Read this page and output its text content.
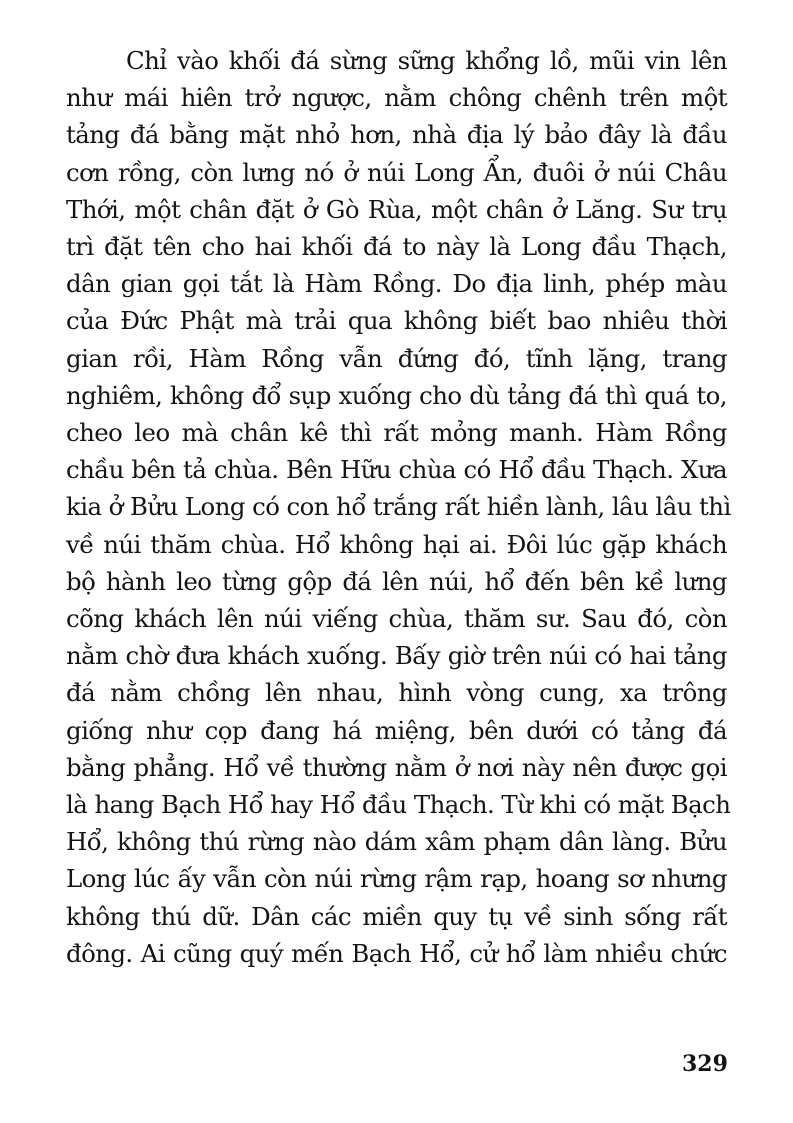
Chỉ vào khối đá sừng sững khổng lồ, mũi vin lên
như mái hiên trở ngược, nằm chông chênh trên một
tảng đá bằng mặt nhỏ hơn, nhà địa lý bảo đây là đầu
cơn rồng, còn lưng nó ở núi Long Ẩn, đuôi ở núi Châu
Thới, một chân đặt ở Gò Rùa, một chân ở Lăng. Sư trụ
trì đặt tên cho hai khối đá to này là Long đầu Thạch,
dân gian gọi tắt là Hàm Rồng. Do địa linh, phép màu
của Đức Phật mà trải qua không biết bao nhiêu thời
gian rồi, Hàm Rồng vẫn đứng đó, tĩnh lặng, trang
nghiêm, không đổ sụp xuống cho dù tảng đá thì quá to,
cheo leo mà chân kê thì rất mỏng manh. Hàm Rồng
chầu bên tả chùa. Bên Hữu chùa có Hổ đầu Thạch. Xưa
kia ở Bửu Long có con hổ trắng rất hiền lành, lâu lâu thì
về núi thăm chùa. Hổ không hại ai. Đôi lúc gặp khách
bộ hành leo từng gộp đá lên núi, hổ đến bên kề lưng
cõng khách lên núi viếng chùa, thăm sư. Sau đó, còn
nằm chờ đưa khách xuống. Bấy giờ trên núi có hai tảng
đá nằm chồng lên nhau, hình vòng cung, xa trông
giống như cọp đang há miệng, bên dưới có tảng đá
bằng phẳng. Hổ về thường nằm ở nơi này nên được gọi
là hang Bạch Hổ hay Hổ đầu Thạch. Từ khi có mặt Bạch
Hổ, không thú rừng nào dám xâm phạm dân làng. Bửu
Long lúc ấy vẫn còn núi rừng rậm rạp, hoang sơ nhưng
không thú dữ. Dân các miền quy tụ về sinh sống rất
đông. Ai cũng quý mến Bạch Hổ, cử hổ làm nhiều chức
329
